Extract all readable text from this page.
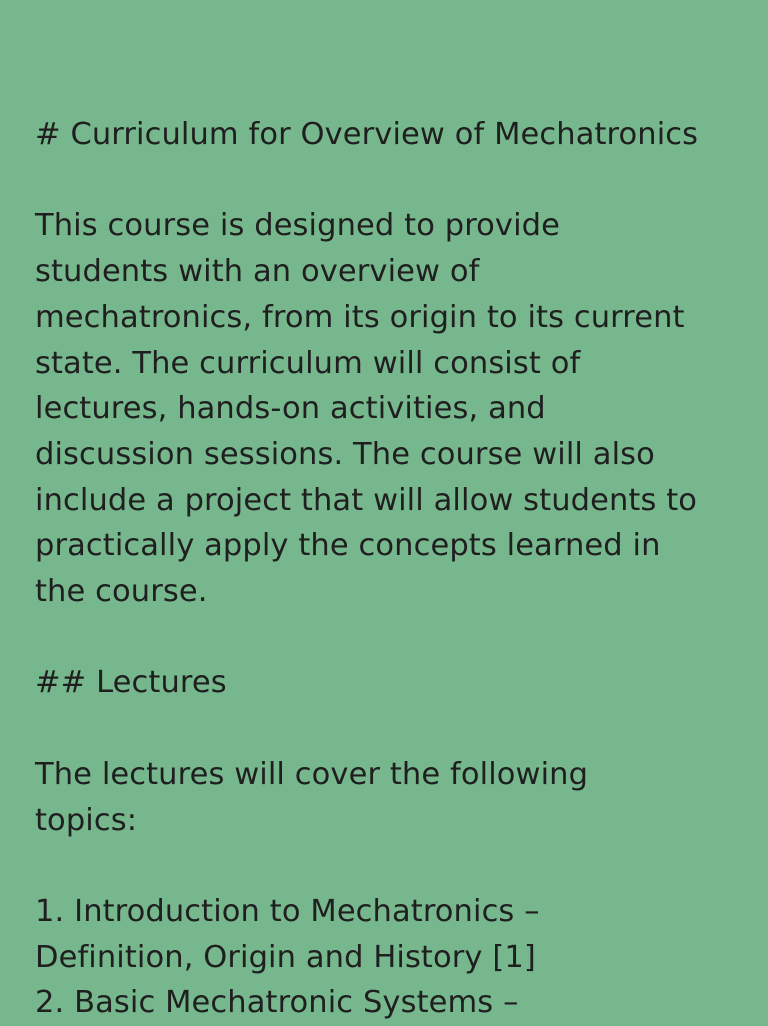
# Curriculum for Overview of Mechatronics
This course is designed to provide
students with an overview of
mechatronics, from its origin to its current
state. The curriculum will consist of
lectures, hands-on activities, and
discussion sessions. The course will also
include a project that will allow students to
practically apply the concepts learned in
the course.
## Lectures
The lectures will cover the following
topics:
1. Introduction to Mechatronics –
Definition, Origin and History [1]
2. Basic Mechatronic Systems –
